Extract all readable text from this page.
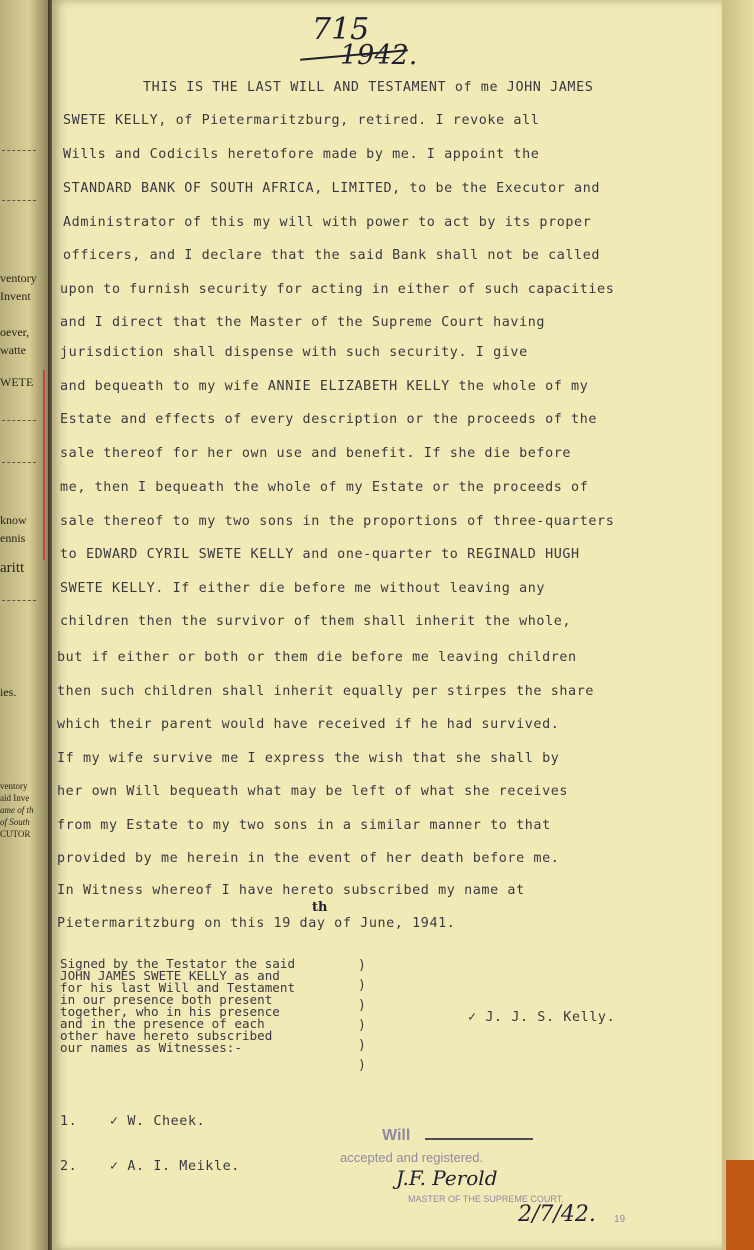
ventory
Invent
oever,
watte
WETE
know
ennis
aritt
ies.
ventory
aid Inve
ame of th
of South
CUTOR
715
1942.
THIS IS THE LAST WILL AND TESTAMENT of me JOHN JAMES
SWETE KELLY, of Pietermaritzburg, retired. I revoke all
Wills and Codicils heretofore made by me. I appoint the
STANDARD BANK OF SOUTH AFRICA, LIMITED, to be the Executor and
Administrator of this my will with power to act by its proper
officers, and I declare that the said Bank shall not be called
upon to furnish security for acting in either of such capacities
and I direct that the Master of the Supreme Court having
jurisdiction shall dispense with such security. I give
and bequeath to my wife ANNIE ELIZABETH KELLY the whole of my
Estate and effects of every description or the proceeds of the
sale thereof for her own use and benefit. If she die before
me, then I bequeath the whole of my Estate or the proceeds of
sale thereof to my two sons in the proportions of three-quarters
to EDWARD CYRIL SWETE KELLY and one-quarter to REGINALD HUGH
SWETE KELLY. If either die before me without leaving any
children then the survivor of them shall inherit the whole,
but if either or both or them die before me leaving children
then such children shall inherit equally per stirpes the share
which their parent would have received if he had survived.
If my wife survive me I express the wish that she shall by
her own Will bequeath what may be left of what she receives
from my Estate to my two sons in a similar manner to that
provided by me herein in the event of her death before me.
In Witness whereof I have hereto subscribed my name at
Pietermaritzburg on this 19 day of June, 1941.
th
Signed by the Testator the said
JOHN JAMES SWETE KELLY as and
for his last Will and Testament
in our presence both present
together, who in his presence
and in the presence of each
other have hereto subscribed
our names as Witnesses:-
)
)
)
)
)
)
✓ J. J. S. Kelly.
1. ✓ W. Cheek.
2. ✓ A. I. Meikle.
Will
accepted and registered.
J.F. Perold
MASTER OF THE SUPREME COURT.
2/7/42. 19
